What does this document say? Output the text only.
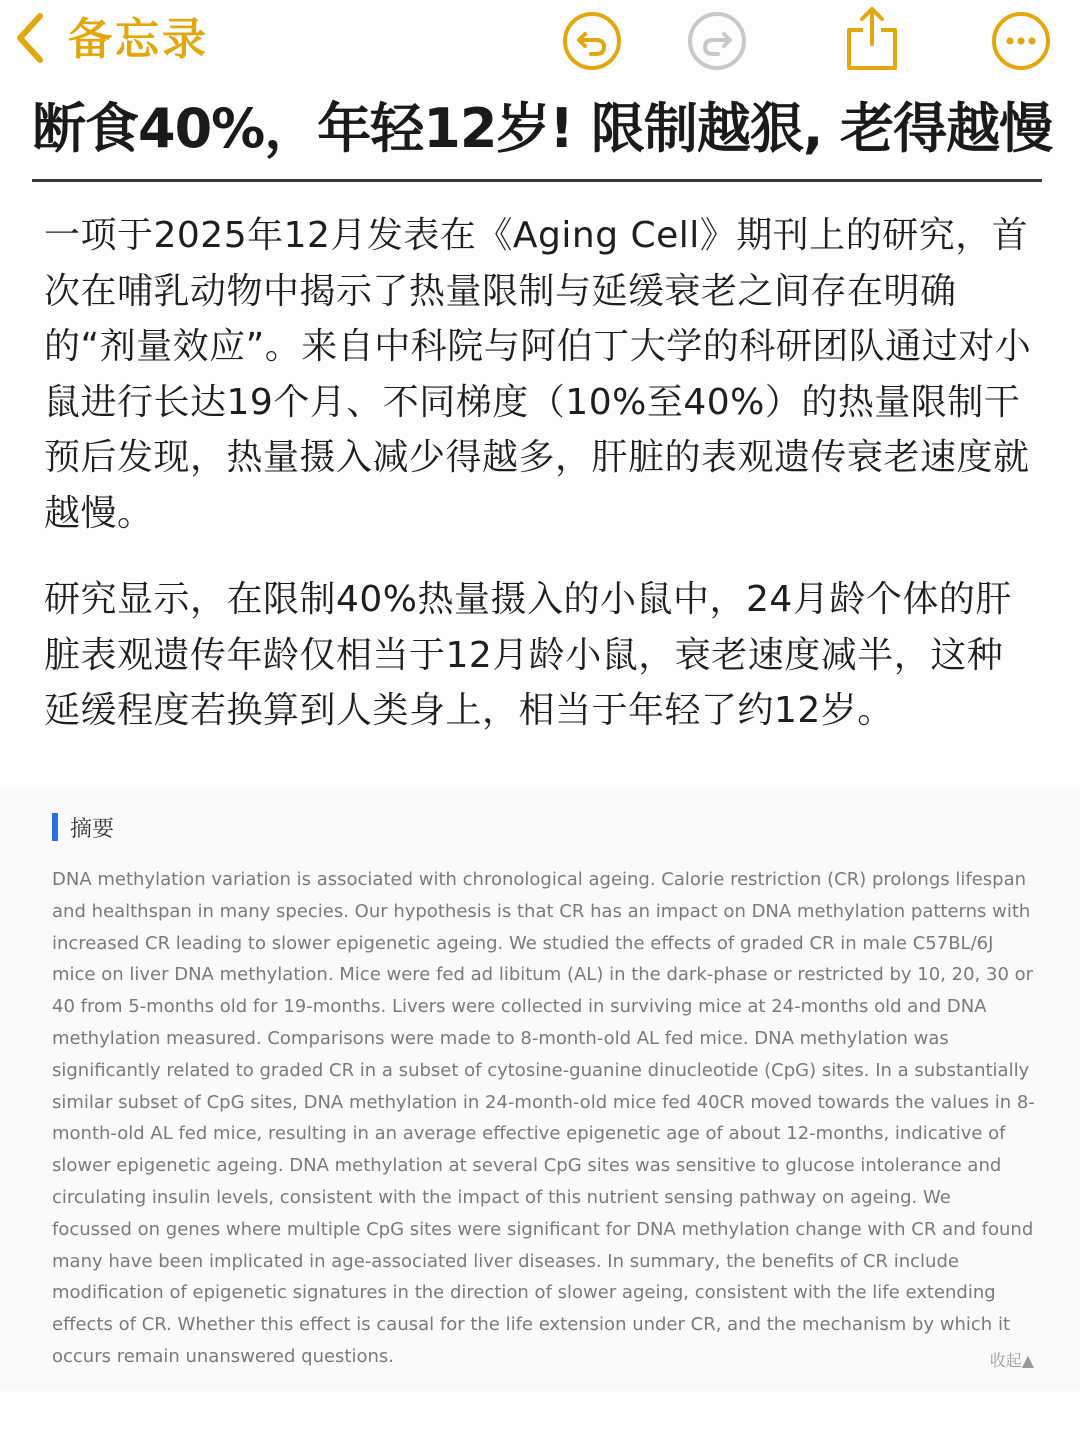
备忘录
断食40%，年轻12岁! 限制越狠, 老得越慢
一项于2025年12月发表在《Aging Cell》期刊上的研究，首次在哺乳动物中揭示了热量限制与延缓衰老之间存在明确的“剂量效应”。来自中科院与阿伯丁大学的科研团队通过对小鼠进行长达19个月、不同梯度（10%至40%）的热量限制干预后发现，热量摄入减少得越多，肝脏的表观遗传衰老速度就越慢。
研究显示，在限制40%热量摄入的小鼠中，24月龄个体的肝脏表观遗传年龄仅相当于12月龄小鼠，衰老速度减半，这种延缓程度若换算到人类身上，相当于年轻了约12岁。
摘要
DNA methylation variation is associated with chronological ageing. Calorie restriction (CR) prolongs lifespan and healthspan in many species. Our hypothesis is that CR has an impact on DNA methylation patterns with increased CR leading to slower epigenetic ageing. We studied the effects of graded CR in male C57BL/6J mice on liver DNA methylation. Mice were fed ad libitum (AL) in the dark-phase or restricted by 10, 20, 30 or 40 from 5-months old for 19-months. Livers were collected in surviving mice at 24-months old and DNA methylation measured. Comparisons were made to 8-month-old AL fed mice. DNA methylation was significantly related to graded CR in a subset of cytosine-guanine dinucleotide (CpG) sites. In a substantially similar subset of CpG sites, DNA methylation in 24-month-old mice fed 40CR moved towards the values in 8-month-old AL fed mice, resulting in an average effective epigenetic age of about 12-months, indicative of slower epigenetic ageing. DNA methylation at several CpG sites was sensitive to glucose intolerance and circulating insulin levels, consistent with the impact of this nutrient sensing pathway on ageing. We focussed on genes where multiple CpG sites were significant for DNA methylation change with CR and found many have been implicated in age-associated liver diseases. In summary, the benefits of CR include modification of epigenetic signatures in the direction of slower ageing, consistent with the life extending effects of CR. Whether this effect is causal for the life extension under CR, and the mechanism by which it occurs remain unanswered questions.	收起▲
